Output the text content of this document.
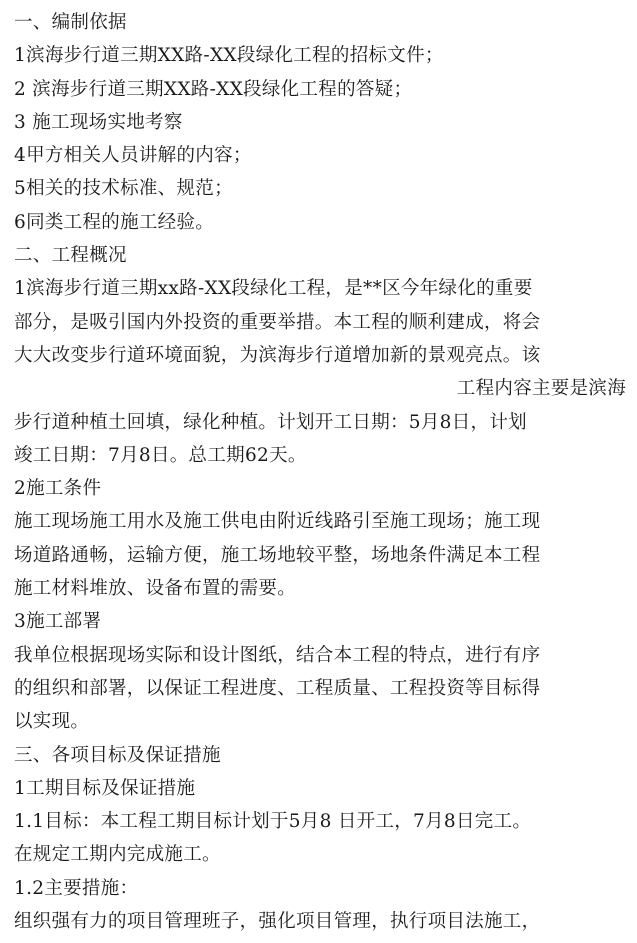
一、编制依据
1滨海步行道三期XX路-XX段绿化工程的招标文件；
2 滨海步行道三期XX路-XX段绿化工程的答疑；
3 施工现场实地考察
4甲方相关人员讲解的内容；
5相关的技术标准、规范；
6同类工程的施工经验。
二、工程概况
1滨海步行道三期xx路-XX段绿化工程，是**区今年绿化的重要
部分，是吸引国内外投资的重要举措。本工程的顺利建成，将会
大大改变步行道环境面貌，为滨海步行道增加新的景观亮点。该
工程内容主要是滨海
步行道种植土回填，绿化种植。计划开工日期：5月8日，计划
竣工日期：7月8日。总工期62天。
2施工条件
施工现场施工用水及施工供电由附近线路引至施工现场；施工现
场道路通畅，运输方便，施工场地较平整，场地条件满足本工程
施工材料堆放、设备布置的需要。
3施工部署
我单位根据现场实际和设计图纸，结合本工程的特点，进行有序
的组织和部署，以保证工程进度、工程质量、工程投资等目标得
以实现。
三、各项目标及保证措施
1工期目标及保证措施
1.1目标：本工程工期目标计划于5月8 日开工，7月8日完工。
在规定工期内完成施工。
1.2主要措施：
组织强有力的项目管理班子，强化项目管理，执行项目法施工，
